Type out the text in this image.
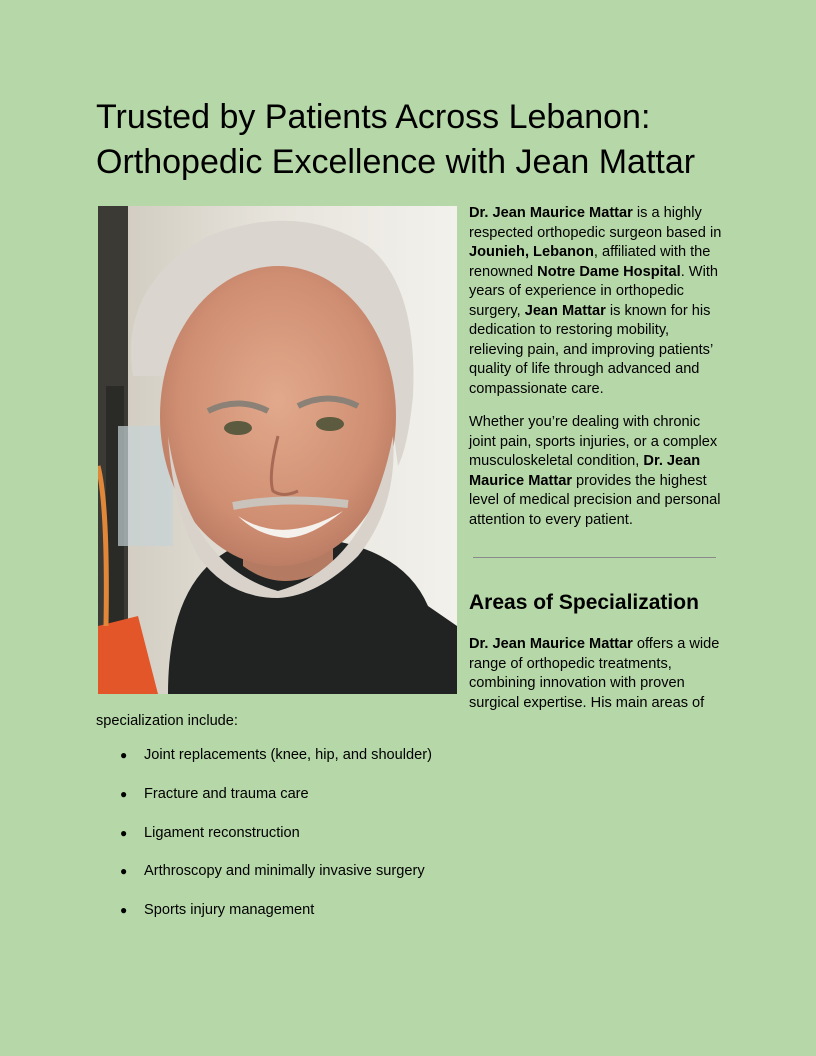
Trusted by Patients Across Lebanon:
Orthopedic Excellence with Jean Mattar

Dr. Jean Maurice Mattar is a highly respected orthopedic surgeon based in Jounieh, Lebanon, affiliated with the renowned Notre Dame Hospital. With years of experience in orthopedic surgery, Jean Mattar is known for his dedication to restoring mobility, relieving pain, and improving patients’ quality of life through advanced and compassionate care.

Whether you’re dealing with chronic joint pain, sports injuries, or a complex musculoskeletal condition, Dr. Jean Maurice Mattar provides the highest level of medical precision and personal attention to every patient.

Areas of Specialization

Dr. Jean Maurice Mattar offers a wide range of orthopedic treatments, combining innovation with proven surgical expertise. His main areas of

specialization include:
● Joint replacements (knee, hip, and shoulder)
● Fracture and trauma care
● Ligament reconstruction
● Arthroscopy and minimally invasive surgery
● Sports injury management
